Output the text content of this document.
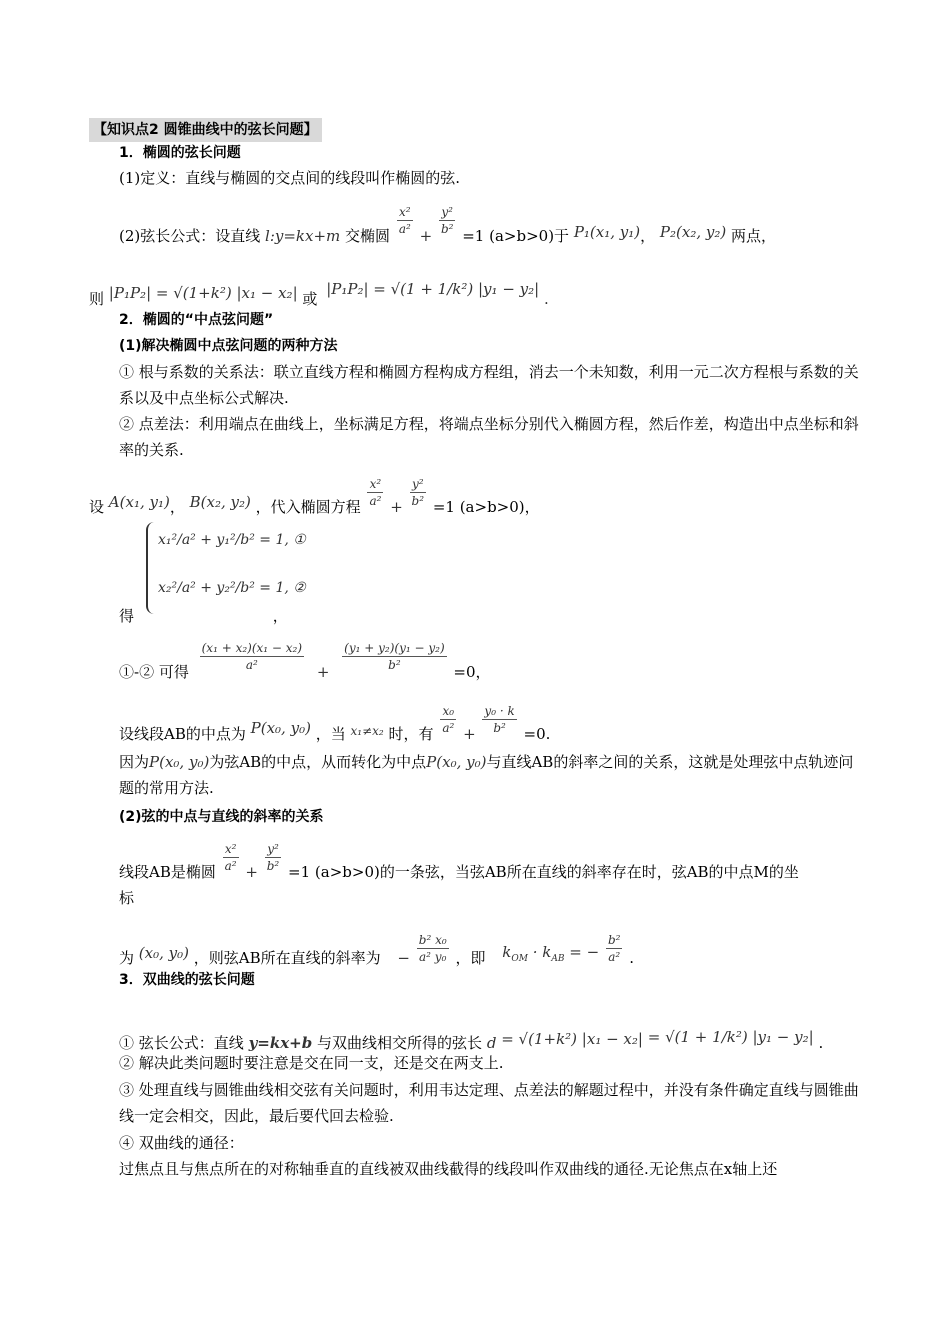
【知识点2 圆锥曲线中的弦长问题】
1．椭圆的弦长问题
(1)定义：直线与椭圆的交点间的线段叫作椭圆的弦.
(2)弦长公式：设直线 l:y=kx+m 交椭圆 $\frac{\text{x²}}{\text{a²}} + \frac{\text{y²}}{\text{b²}} =1$ (a>b>0)于 P₁(x₁, y₁)， P₂(x₂, y₂) 两点，
则 |P₁P₂| = √(1+k²) |x₁ − x₂| 或 |P₁P₂| = √(1 + 1/k²) |y₁ − y₂| .
2．椭圆的“中点弦问题”
(1)解决椭圆中点弦问题的两种方法
① 根与系数的关系法：联立直线方程和椭圆方程构成方程组，消去一个未知数，利用一元二次方程根与系数的关系以及中点坐标公式解决.
② 点差法：利用端点在曲线上，坐标满足方程，将端点坐标分别代入椭圆方程，然后作差，构造出中点坐标和斜率的关系.
设 A(x₁, y₁)， B(x₂, y₂) ，代入椭圆方程 $\frac{\text{x²}}{\text{a²}} + \frac{\text{y²}}{\text{b²}} =1$ (a>b>0)，
x₁²/a² + y₁²/b² = 1, ①
x₂²/a² + y₂²/b² = 1, ②
得	，
①-② 可得 $\frac{\text{(x₁ + x₂)(x₁ − x₂)}}{\text{a²}} + \frac{\text{(y₁ + y₂)(y₁ − y₂)}}{\text{b²}} =0$，
设线段AB的中点为 P(x₀, y₀) ，当 $^{x_1\ne x_2}$ 时，有 $\frac{\text{x₀}}{\text{a²}} + \frac{\text{y₀ · k}}{\text{b²}} =0$.
因为P(x₀, y₀)为弦AB的中点，从而转化为中点P(x₀, y₀)与直线AB的斜率之间的关系，这就是处理弦中点轨迹问题的常用方法.
(2)弦的中点与直线的斜率的关系
线段AB是椭圆 $\frac{\text{x²}}{\text{a²}} + \frac{\text{y²}}{\text{b²}} =1$ (a>b>0)的一条弦，当弦AB所在直线的斜率存在时，弦AB的中点M的坐
标
为 (x₀, y₀) ，则弦AB所在直线的斜率为 − $\frac{\text{b² x₀}}{\text{a² y₀}}$ ，即 $k_{OM} \cdot k_{AB}$ = − $\frac{\text{b²}}{\text{a²}}$ .
3．双曲线的弦长问题
① 弦长公式：直线 y=kx+b 与双曲线相交所得的弦长 d = √(1+k²) |x₁ − x₂| = √(1 + 1/k²) |y₁ − y₂| .
② 解决此类问题时要注意是交在同一支，还是交在两支上.
③ 处理直线与圆锥曲线相交弦有关问题时，利用韦达定理、点差法的解题过程中，并没有条件确定直线与圆锥曲线一定会相交，因此，最后要代回去检验.
④ 双曲线的通径：
过焦点且与焦点所在的对称轴垂直的直线被双曲线截得的线段叫作双曲线的通径.无论焦点在x轴上还
